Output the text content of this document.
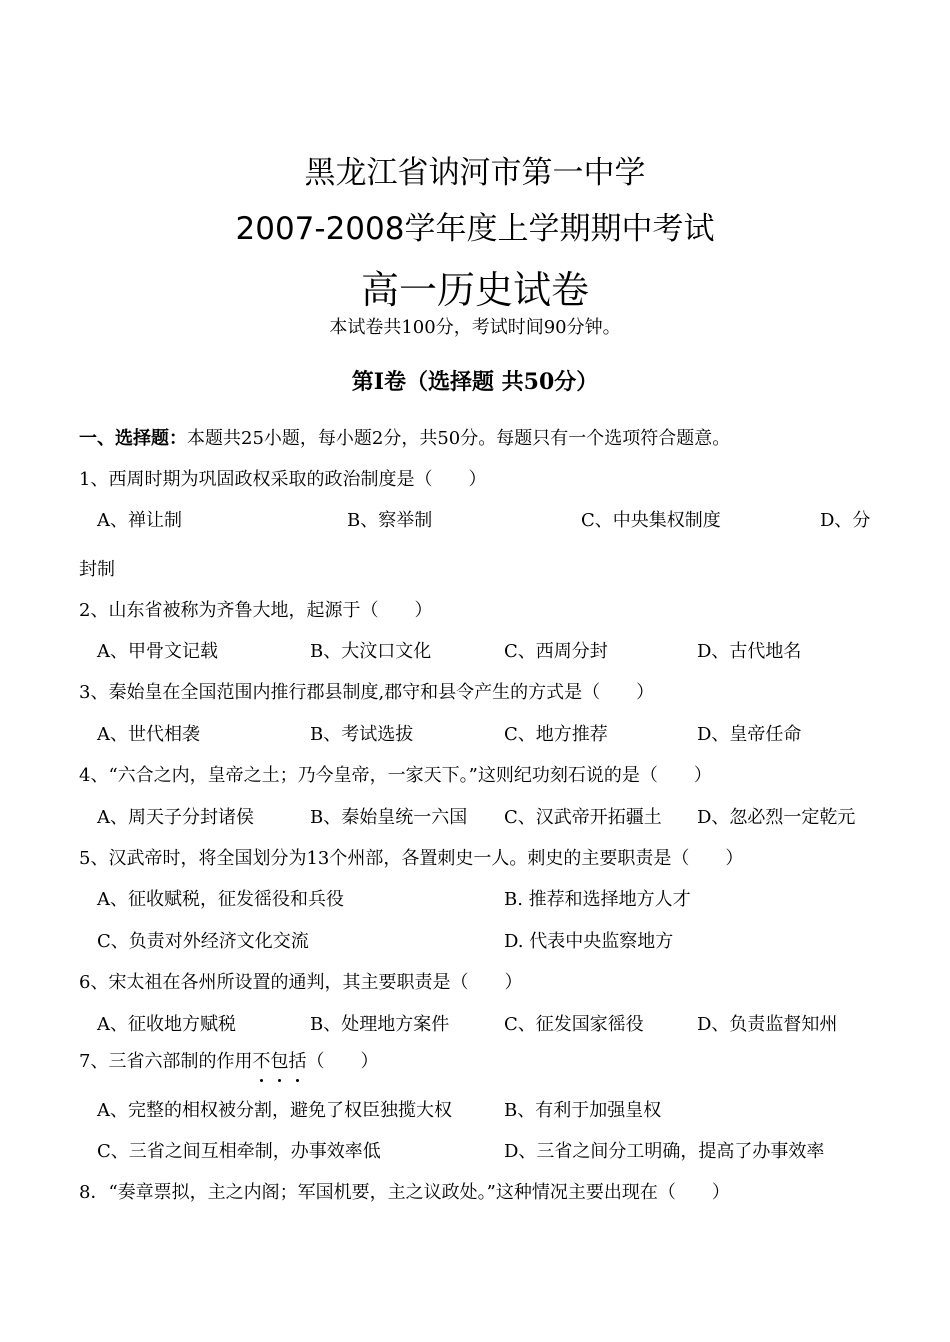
黑龙江省讷河市第一中学
2007-2008学年度上学期期中考试
高一历史试卷
本试卷共100分，考试时间90分钟。
第I卷（选择题 共50分）
一、选择题：本题共25小题，每小题2分，共50分。每题只有一个选项符合题意。
1、西周时期为巩固政权采取的政治制度是（　　）
A、禅让制	B、察举制	C、中央集权制度	D、分
封制
2、山东省被称为齐鲁大地，起源于（　　）
A、甲骨文记载	B、大汶口文化	C、西周分封	D、古代地名
3、秦始皇在全国范围内推行郡县制度,郡守和县令产生的方式是（　　）
A、世代相袭	B、考试选拔	C、地方推荐	D、皇帝任命
4、“六合之内，皇帝之土；乃今皇帝，一家天下。”这则纪功刻石说的是（　　）
A、周天子分封诸侯	B、秦始皇统一六国 C、汉武帝开拓疆土 D、忽必烈一定乾元
5、汉武帝时，将全国划分为13个州部，各置刺史一人。刺史的主要职责是（　　）
A、征收赋税，征发徭役和兵役	B. 推荐和选择地方人才
C、负责对外经济文化交流	D. 代表中央监察地方
6、宋太祖在各州所设置的通判，其主要职责是（　　）
A、征收地方赋税	B、处理地方案件	C、征发国家徭役	D、负责监督知州
7、三省六部制的作用不包括（　　）
A、完整的相权被分割，避免了权臣独揽大权	B、有利于加强皇权
C、三省之间互相牵制，办事效率低	D、三省之间分工明确，提高了办事效率
8．“奏章票拟，主之内阁；军国机要，主之议政处。”这种情况主要出现在（　　）
